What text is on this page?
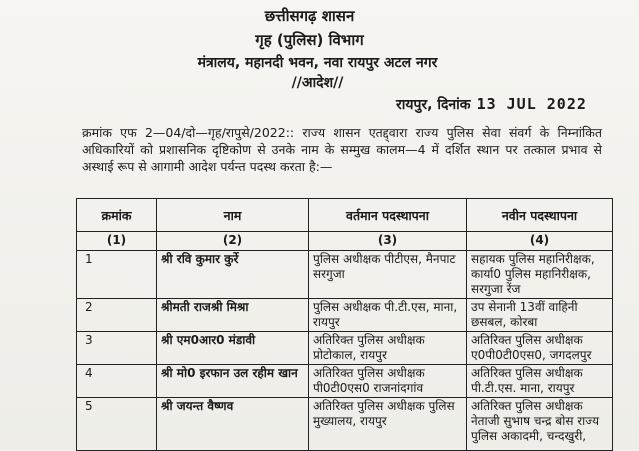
छत्तीसगढ़ शासन
गृह (पुलिस) विभाग
मंत्रालय, महानदी भवन, नवा रायपुर अटल नगर
//आदेश//
रायपुर, दिनांक 13 JUL 2022
क्रमांक एफ 2—04/दो—गृह/रापुसे/2022:: राज्य शासन एतद्द्वारा राज्य पुलिस सेवा संवर्ग के निम्नांकित अधिकारियों को प्रशासनिक दृष्टिकोण से उनके नाम के सम्मुख कालम—4 में दर्शित स्थान पर तत्काल प्रभाव से अस्थाई रूप से आगामी आदेश पर्यन्त पदस्थ करता है:—
क्रमांक	नाम	वर्तमान पदस्थापना	नवीन पदस्थापना
(1)	(2)	(3)	(4)
1	श्री रवि कुमार कुर्रे	पुलिस अधीक्षक पीटीएस, मैनपाट सरगुजा	सहायक पुलिस महानिरीक्षक, कार्या0 पुलिस महानिरीक्षक, सरगुजा रेंज
2	श्रीमती राजश्री मिश्रा	पुलिस अधीक्षक पी.टी.एस, माना, रायपुर	उप सेनानी 13वीं वाहिनी छसबल, कोरबा
3	श्री एम0आर0 मंडावी	अतिरिक्त पुलिस अधीक्षक प्रोटोकाल, रायपुर	अतिरिक्त पुलिस अधीक्षक ए0पी0टी0एस0, जगदलपुर
4	श्री मो0 इरफान उल रहीम खान	अतिरिक्त पुलिस अधीक्षक पी0टी0एस0 राजनांदगांव	अतिरिक्त पुलिस अधीक्षक पी.टी.एस. माना, रायपुर
5	श्री जयन्त वैष्णव	अतिरिक्त पुलिस अधीक्षक पुलिस मुख्यालय, रायपुर	अतिरिक्त पुलिस अधीक्षक नेताजी सुभाष चन्द्र बोस राज्य पुलिस अकादमी, चन्दखुरी,
